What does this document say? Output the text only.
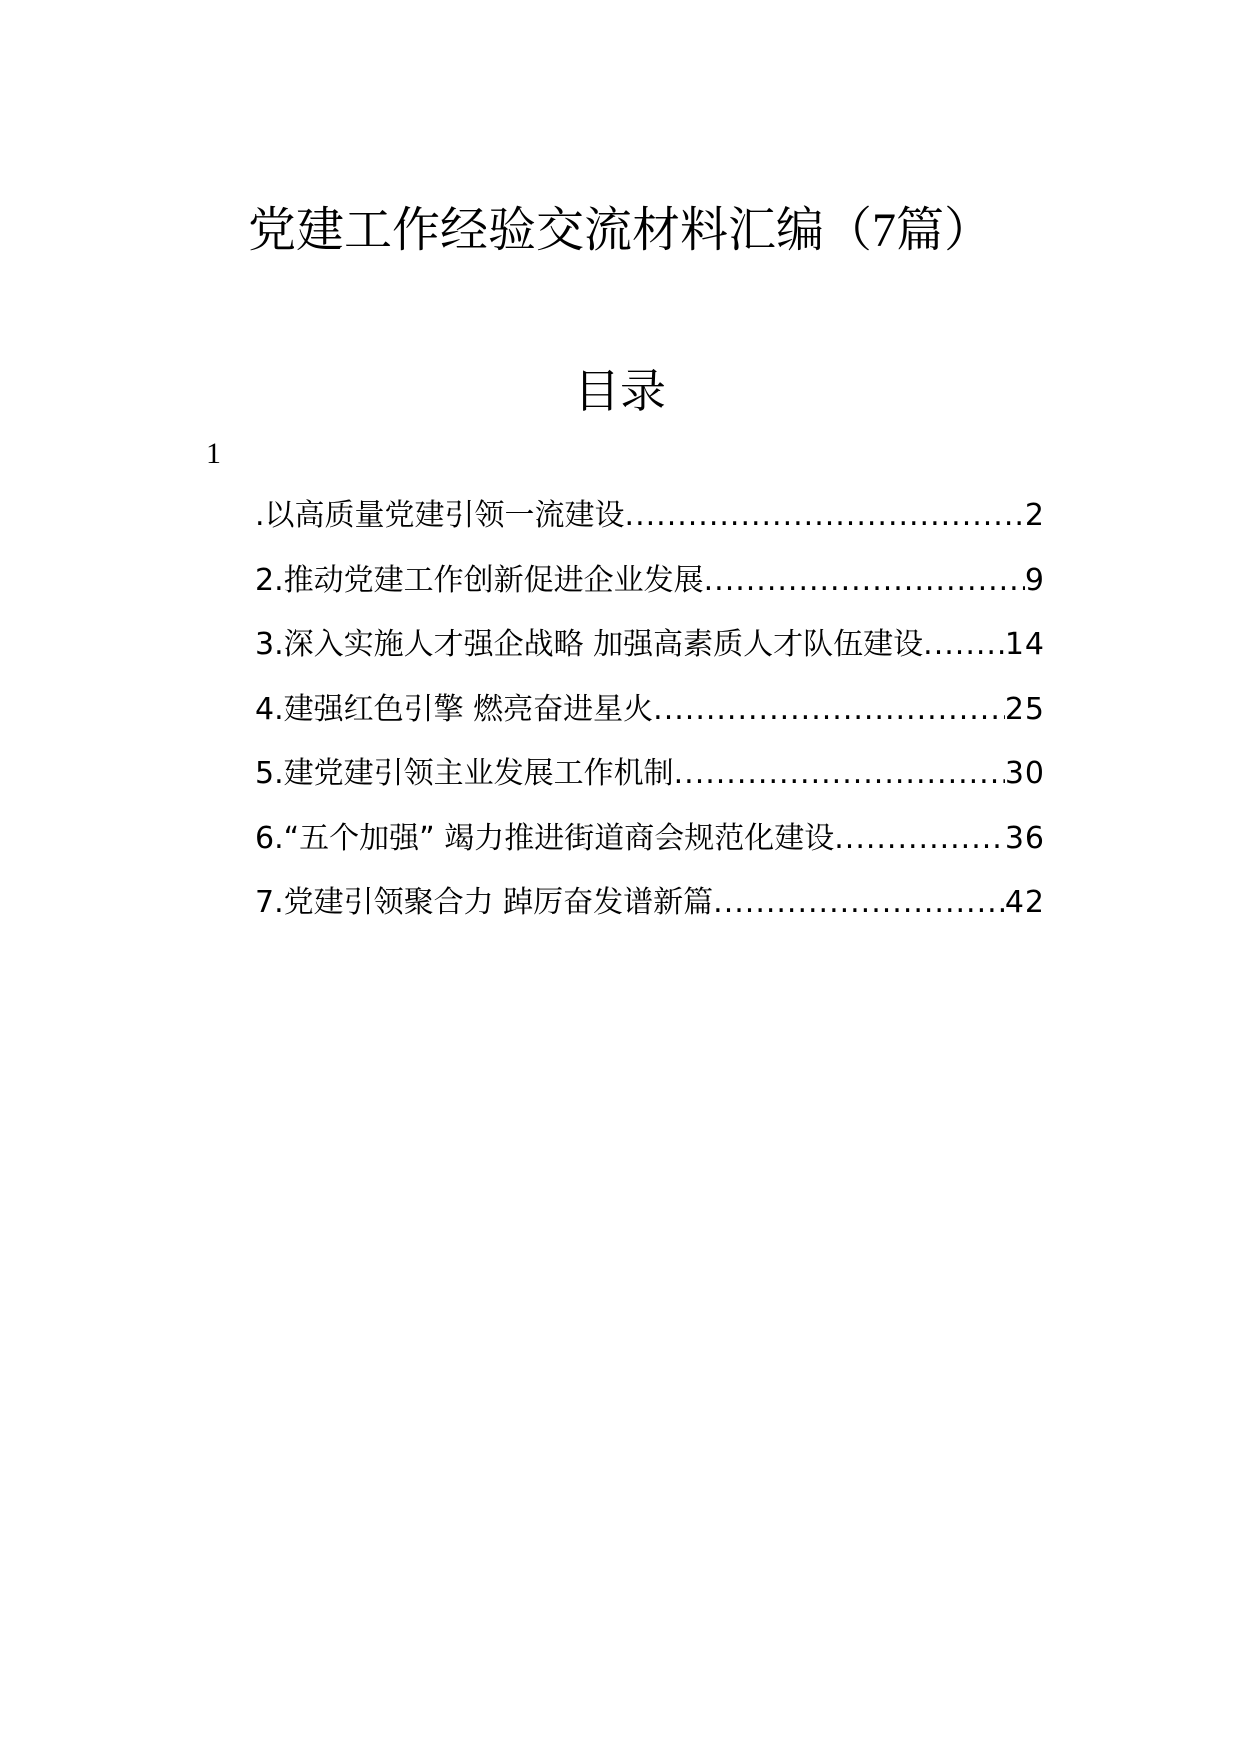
党建工作经验交流材料汇编（7篇）
目录
1
.以高质量党建引领一流建设 .....	2
2.推动党建工作创新促进企业发展 .....	9
3.深入实施人才强企战略 加强高素质人才队伍建设 .....	14
4.建强红色引擎 燃亮奋进星火 .....	25
5.建党建引领主业发展工作机制 .....	30
6.“五个加强” 竭力推进街道商会规范化建设 .....	36
7.党建引领聚合力 踔厉奋发谱新篇 .....	42
